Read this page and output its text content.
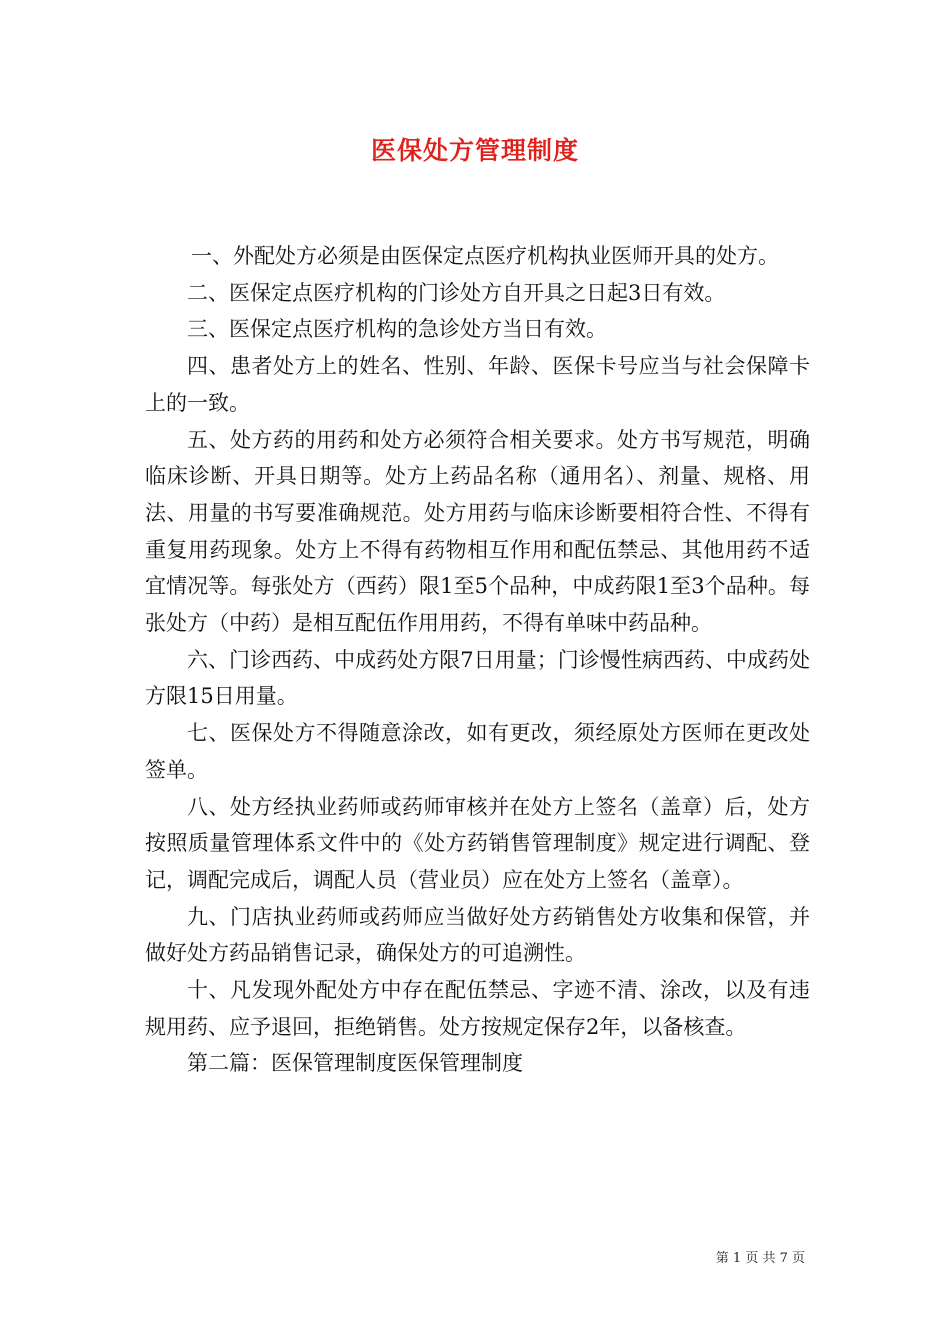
医保处方管理制度

一、外配处方必须是由医保定点医疗机构执业医师开具的处方。

二、医保定点医疗机构的门诊处方自开具之日起3日有效。

三、医保定点医疗机构的急诊处方当日有效。

四、患者处方上的姓名、性别、年龄、医保卡号应当与社会保障卡上的一致。

五、处方药的用药和处方必须符合相关要求。处方书写规范，明确临床诊断、开具日期等。处方上药品名称（通用名）、剂量、规格、用法、用量的书写要准确规范。处方用药与临床诊断要相符合性、不得有重复用药现象。处方上不得有药物相互作用和配伍禁忌、其他用药不适宜情况等。每张处方（西药）限1至5个品种，中成药限1至3个品种。每张处方（中药）是相互配伍作用用药，不得有单味中药品种。

六、门诊西药、中成药处方限7日用量；门诊慢性病西药、中成药处方限15日用量。

七、医保处方不得随意涂改，如有更改，须经原处方医师在更改处签单。

八、处方经执业药师或药师审核并在处方上签名（盖章）后，处方按照质量管理体系文件中的《处方药销售管理制度》规定进行调配、登记，调配完成后，调配人员（营业员）应在处方上签名（盖章）。

九、门店执业药师或药师应当做好处方药销售处方收集和保管，并做好处方药品销售记录，确保处方的可追溯性。

十、凡发现外配处方中存在配伍禁忌、字迹不清、涂改，以及有违规用药、应予退回，拒绝销售。处方按规定保存2年，以备核查。

第二篇：医保管理制度医保管理制度

第 1 页 共 7 页
